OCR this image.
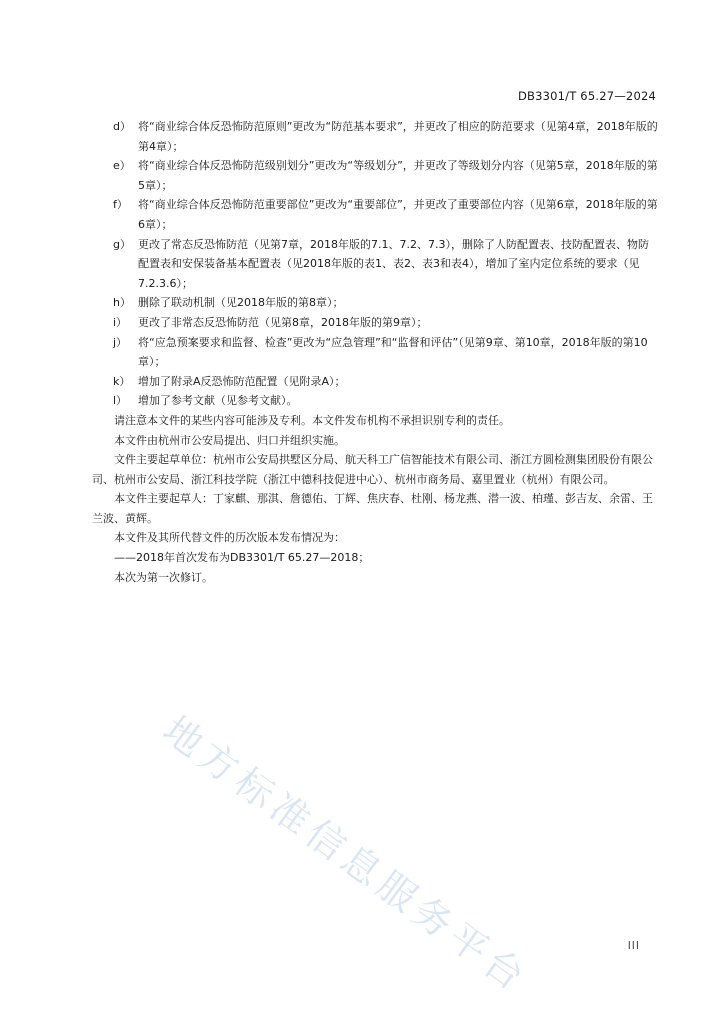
DB3301/T 65.27—2024
d） 将“商业综合体反恐怖防范原则”更改为“防范基本要求”，并更改了相应的防范要求（见第4章，2018年版的第4章）；
e） 将“商业综合体反恐怖防范级别划分”更改为“等级划分”，并更改了等级划分内容（见第5章，2018年版的第5章）；
f） 将“商业综合体反恐怖防范重要部位”更改为“重要部位”，并更改了重要部位内容（见第6章，2018年版的第6章）；
g） 更改了常态反恐怖防范（见第7章，2018年版的7.1、7.2、7.3），删除了人防配置表、技防配置表、物防配置表和安保装备基本配置表（见2018年版的表1、表2、表3和表4），增加了室内定位系统的要求（见7.2.3.6）；
h） 删除了联动机制（见2018年版的第8章）；
i） 更改了非常态反恐怖防范（见第8章，2018年版的第9章）；
j） 将“应急预案要求和监督、检查”更改为“应急管理”和“监督和评估”（见第9章、第10章，2018年版的第10章）；
k） 增加了附录A反恐怖防范配置（见附录A）；
l） 增加了参考文献（见参考文献）。
请注意本文件的某些内容可能涉及专利。本文件发布机构不承担识别专利的责任。
本文件由杭州市公安局提出、归口并组织实施。
文件主要起草单位：杭州市公安局拱墅区分局、航天科工广信智能技术有限公司、浙江方圆检测集团股份有限公司、杭州市公安局、浙江科技学院（浙江中德科技促进中心）、杭州市商务局、嘉里置业（杭州）有限公司。
本文件主要起草人：丁家麒、那淇、詹德佑、丁辉、焦庆春、杜刚、杨龙燕、潜一波、柏瑾、彭吉友、余雷、王兰波、黄辉。
本文件及其所代替文件的历次版本发布情况为：
——2018年首次发布为DB3301/T 65.27—2018；
本次为第一次修订。
地方标准信息服务平台	III
